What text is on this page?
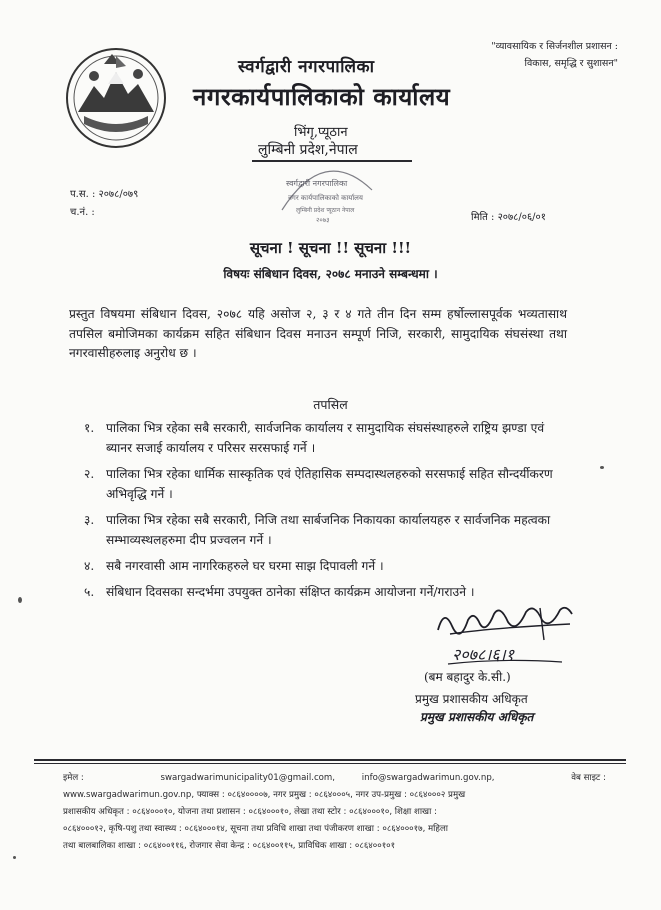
स्वर्गद्वारी नगरपालिका
नगरकार्यपालिकाको कार्यालय
भिंगृ,प्यूठान
लुम्बिनी प्रदेश,नेपाल
"व्यावसायिक र सिर्जनशील प्रशासन :
विकास, समृद्धि र सुशासन"
स्वर्गद्वारी नगरपालिका
नगर कार्यपालिकाको कार्यालय
लुम्बिनी प्रदेश प्यूठान नेपाल
२०७३
प.स. : २०७८/०७९
च.नं. :	मिति : २०७८/०६/०१
सूचना ! सूचना !! सूचना !!!
विषयः संबिधान दिवस, २०७८ मनाउने सम्बन्धमा ।

प्रस्तुत विषयमा संबिधान दिवस, २०७८ यहि असोज २, ३ र ४ गते तीन दिन सम्म हर्षोल्लासपूर्वक भव्यतासाथ तपसिल बमोजिमका कार्यक्रम सहित संबिधान दिवस मनाउन सम्पूर्ण निजि, सरकारी, सामुदायिक संघसंस्था तथा नगरवासीहरुलाइ अनुरोध छ ।

तपसिल
१. पालिका भित्र रहेका सबै सरकारी, सार्वजनिक कार्यालय र सामुदायिक संघसंस्थाहरुले राष्ट्रिय झण्डा एवं ब्यानर सजाई कार्यालय र परिसर सरसफाई गर्ने ।
२. पालिका भित्र रहेका धार्मिक सास्कृतिक एवं ऐतिहासिक सम्पदास्थलहरुको सरसफाई सहित सौन्दर्यीकरण अभिवृद्धि गर्ने ।
३. पालिका भित्र रहेका सबै सरकारी, निजि तथा सार्बजनिक निकायका कार्यालयहरु र सार्वजनिक महत्वका सम्भाव्यस्थलहरुमा दीप प्रज्वलन गर्ने ।
४. सबै नगरवासी आम नागरिकहरुले घर घरमा साझ दिपावली गर्ने ।
५. संबिधान दिवसका सन्दर्भमा उपयुक्त ठानेका संक्षिप्त कार्यक्रम आयोजना गर्ने/गराउने ।
२०७८।६।१
(बम बहादुर के.सी.)
प्रमुख प्रशासकीय अधिकृत
प्रमुख प्रशासकीय अधिकृत
इमेल :	swargadwarimunicipality01@gmail.com,	info@swargadwarimun.gov.np,	वेब साइट :
www.swargadwarimun.gov.np, फ्याक्स : ०८६४००००७, नगर प्रमुख : ०८६४०००५, नगर उप-प्रमुख : ०८६४०००२ प्रमुख
प्रशासकीय अधिकृत : ०८६४०००१०, योजना तथा प्रशासन : ०८६४०००१०, लेखा तथा स्टोर : ०८६४०००१०, शिक्षा शाखा :
०८६४०००१२, कृषि-पशु तथा स्वास्थ्य : ०८६४०००१४, सूचना तथा प्रविधि शाखा तथा पंजीकरण शाखा : ०८६४०००१७, महिला
तथा बालबालिका शाखा : ०८६४००११६, रोजगार सेवा केन्द्र : ०८६४००११५, प्राविधिक शाखा : ०८६४००१०१
